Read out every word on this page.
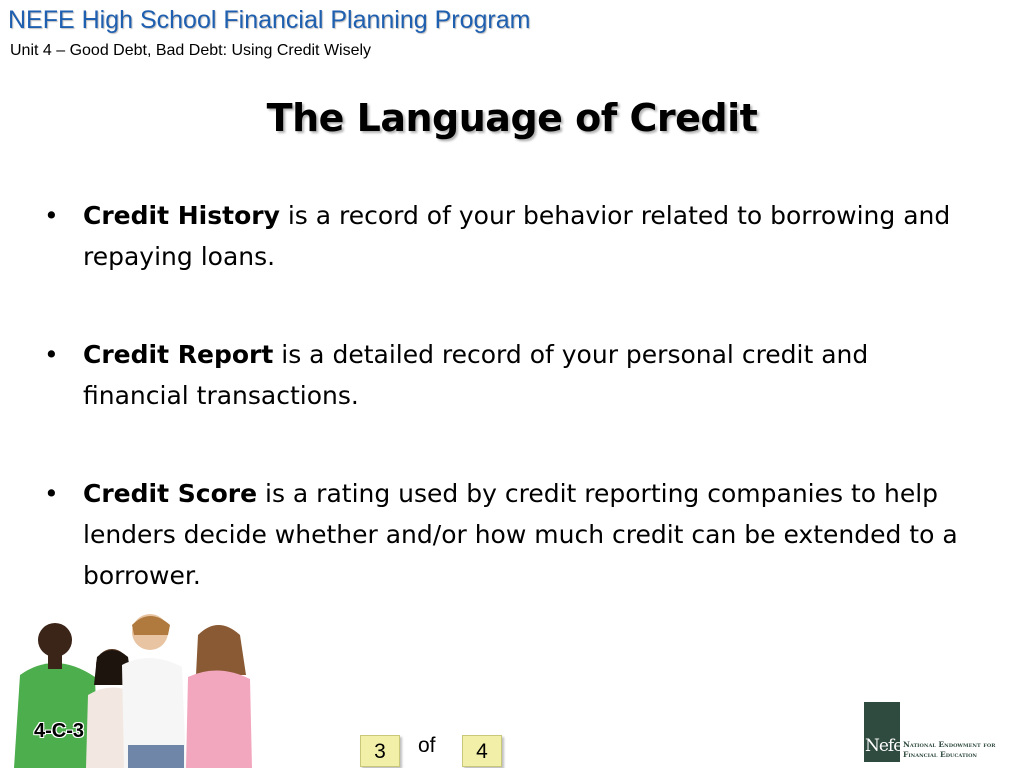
NEFE High School Financial Planning Program
Unit 4 – Good Debt, Bad Debt: Using Credit Wisely
The Language of Credit
• Credit History is a record of your behavior related to borrowing and repaying loans.
• Credit Report is a detailed record of your personal credit and financial transactions.
• Credit Score is a rating used by credit reporting companies to help lenders decide whether and/or how much credit can be extended to a borrower.
4-C-3
3	of	4	Nefe National Endowment for
Financial Education
